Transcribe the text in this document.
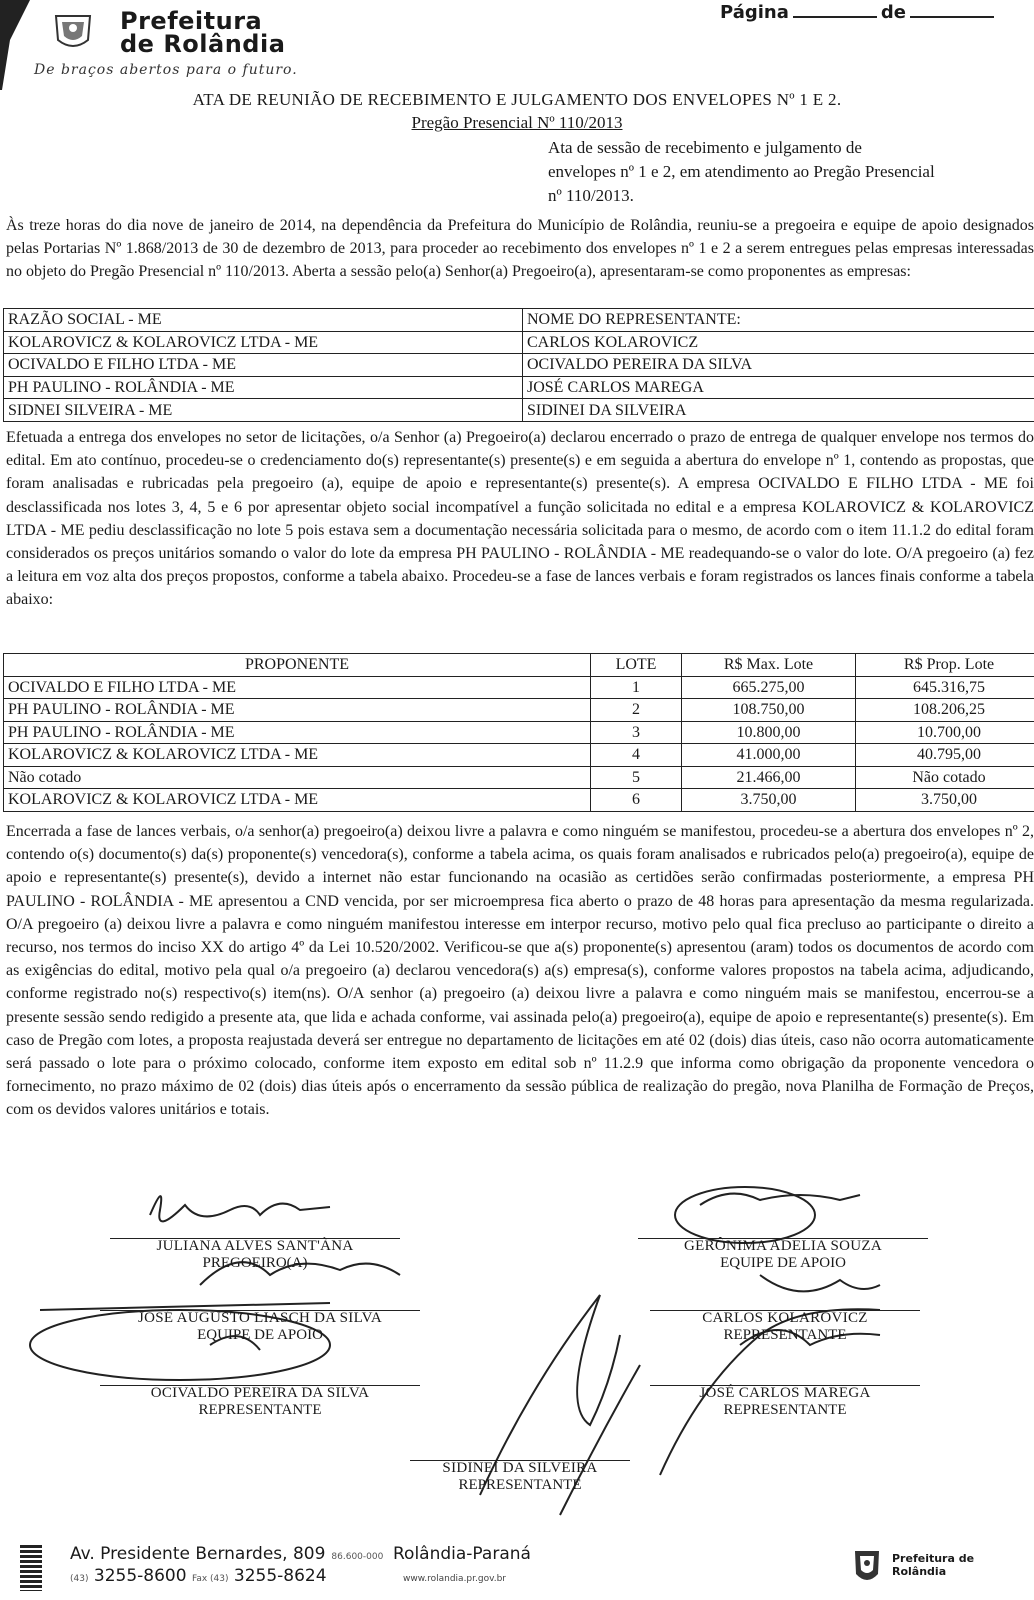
Prefeitura
de Rolândia
De braços abertos para o futuro.
Página	de
ATA DE REUNIÃO DE RECEBIMENTO E JULGAMENTO DOS ENVELOPES Nº 1 E 2.
Pregão Presencial Nº 110/2013
Ata de sessão de recebimento e julgamento de
envelopes nº 1 e 2, em atendimento ao Pregão Presencial
nº 110/2013.
Às treze horas do dia nove de janeiro de 2014, na dependência da Prefeitura do Município de Rolândia, reuniu-se a pregoeira e equipe de apoio designados pelas Portarias Nº 1.868/2013 de 30 de dezembro de 2013, para proceder ao recebimento dos envelopes nº 1 e 2 a serem entregues pelas empresas interessadas no objeto do Pregão Presencial nº 110/2013. Aberta a sessão pelo(a) Senhor(a) Pregoeiro(a), apresentaram-se como proponentes as empresas:
RAZÃO SOCIAL - ME	NOME DO REPRESENTANTE:
KOLAROVICZ & KOLAROVICZ LTDA - ME	CARLOS KOLAROVICZ
OCIVALDO E FILHO LTDA - ME	OCIVALDO PEREIRA DA SILVA
PH PAULINO - ROLÂNDIA - ME	JOSÉ CARLOS MAREGA
SIDNEI SILVEIRA - ME	SIDINEI DA SILVEIRA
Efetuada a entrega dos envelopes no setor de licitações, o/a Senhor (a) Pregoeiro(a) declarou encerrado o prazo de entrega de qualquer envelope nos termos do edital. Em ato contínuo, procedeu-se o credenciamento do(s) representante(s) presente(s) e em seguida a abertura do envelope nº 1, contendo as propostas, que foram analisadas e rubricadas pela pregoeiro (a), equipe de apoio e representante(s) presente(s). A empresa OCIVALDO E FILHO LTDA - ME foi desclassificada nos lotes 3, 4, 5 e 6 por apresentar objeto social incompatível a função solicitada no edital e a empresa KOLAROVICZ & KOLAROVICZ LTDA - ME pediu desclassificação no lote 5 pois estava sem a documentação necessária solicitada para o mesmo, de acordo com o item 11.1.2 do edital foram considerados os preços unitários somando o valor do lote da empresa PH PAULINO - ROLÂNDIA - ME readequando-se o valor do lote. O/A pregoeiro (a) fez a leitura em voz alta dos preços propostos, conforme a tabela abaixo. Procedeu-se a fase de lances verbais e foram registrados os lances finais conforme a tabela abaixo:
PROPONENTE	LOTE	R$ Max. Lote	R$ Prop. Lote
OCIVALDO E FILHO LTDA - ME	1	665.275,00	645.316,75
PH PAULINO - ROLÂNDIA - ME	2	108.750,00	108.206,25
PH PAULINO - ROLÂNDIA - ME	3	10.800,00	10.700,00
KOLAROVICZ & KOLAROVICZ LTDA - ME	4	41.000,00	40.795,00
Não cotado	5	21.466,00	Não cotado
KOLAROVICZ & KOLAROVICZ LTDA - ME	6	3.750,00	3.750,00
Encerrada a fase de lances verbais, o/a senhor(a) pregoeiro(a) deixou livre a palavra e como ninguém se manifestou, procedeu-se a abertura dos envelopes nº 2, contendo o(s) documento(s) da(s) proponente(s) vencedora(s), conforme a tabela acima, os quais foram analisados e rubricados pelo(a) pregoeiro(a), equipe de apoio e representante(s) presente(s), devido a internet não estar funcionando na ocasião as certidões serão confirmadas posteriormente, a empresa PH PAULINO - ROLÂNDIA - ME apresentou a CND vencida, por ser microempresa fica aberto o prazo de 48 horas para apresentação da mesma regularizada. O/A pregoeiro (a) deixou livre a palavra e como ninguém manifestou interesse em interpor recurso, motivo pelo qual fica precluso ao participante o direito a recurso, nos termos do inciso XX do artigo 4º da Lei 10.520/2002. Verificou-se que a(s) proponente(s) apresentou (aram) todos os documentos de acordo com as exigências do edital, motivo pela qual o/a pregoeiro (a) declarou vencedora(s) a(s) empresa(s), conforme valores propostos na tabela acima, adjudicando, conforme registrado no(s) respectivo(s) item(ns). O/A senhor (a) pregoeiro (a) deixou livre a palavra e como ninguém mais se manifestou, encerrou-se a presente sessão sendo redigido a presente ata, que lida e achada conforme, vai assinada pelo(a) pregoeiro(a), equipe de apoio e representante(s) presente(s). Em caso de Pregão com lotes, a proposta reajustada deverá ser entregue no departamento de licitações em até 02 (dois) dias úteis, caso não ocorra automaticamente será passado o lote para o próximo colocado, conforme item exposto em edital sob nº 11.2.9 que informa como obrigação da proponente vencedora o fornecimento, no prazo máximo de 02 (dois) dias úteis após o encerramento da sessão pública de realização do pregão, nova Planilha de Formação de Preços, com os devidos valores unitários e totais.
JULIANA ALVES SANT'ÀNA
PREGOEIRO(A)
GERÔNIMA ADELIA SOUZA
EQUIPE DE APOIO
JOSÉ AUGUSTO LIASCH DA SILVA
EQUIPE DE APOIO
CARLOS KOLAROVICZ
REPRESENTANTE
OCIVALDO PEREIRA DA SILVA
REPRESENTANTE
JOSÉ CARLOS MAREGA
REPRESENTANTE
SIDINEI DA SILVEIRA
REPRESENTANTE
Av. Presidente Bernardes, 809 86.600-000
(43) 3255-8600 Fax (43) 3255-8624
Rolândia-Paraná
www.rolandia.pr.gov.br
Prefeitura de
Rolândia
